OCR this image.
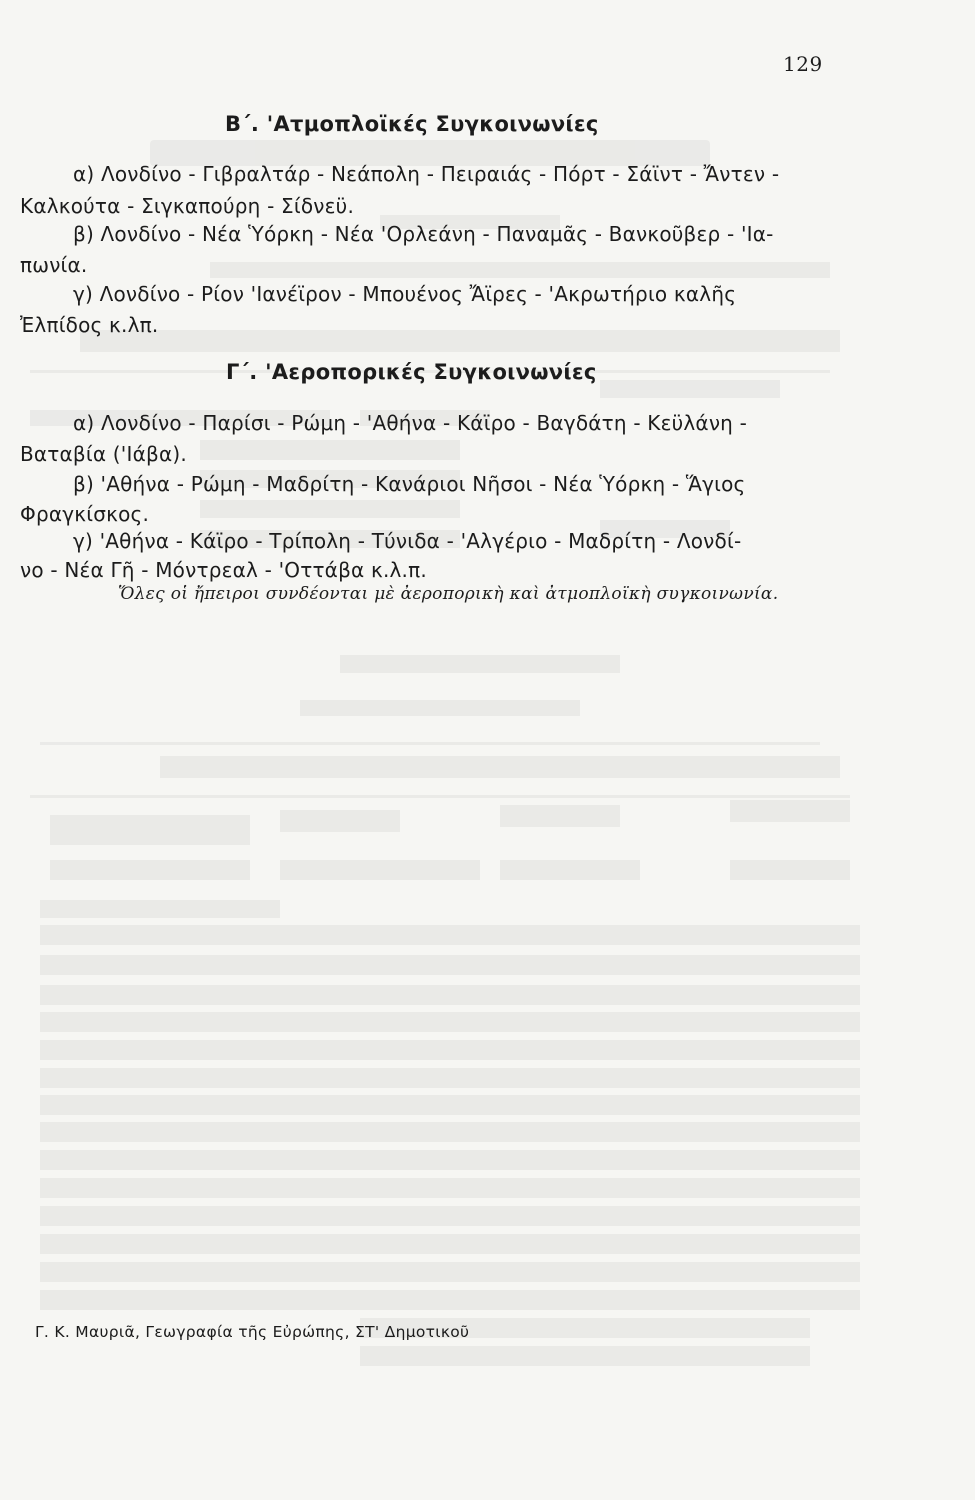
129
Β΄. 'Ατμοπλοϊκές Συγκοινωνίες
α) Λονδίνο - Γιβραλτάρ - Νεάπολη - Πειραιάς - Πόρτ - Σάϊντ - Ἄντεν -
Καλκούτα - Σιγκαπούρη - Σίδνεϋ.
β) Λονδίνο - Νέα Ὑόρκη - Νέα 'Ορλεάνη - Παναμᾶς - Βανκοῦβερ - 'Ια-
πωνία.
γ) Λονδίνο - Ρίον 'Ιανέϊρον - Μπουένος Ἄϊρες - 'Ακρωτήριο καλῆς
Ἐλπίδος κ.λπ.
Γ΄. 'Αεροπορικές Συγκοινωνίες
α) Λονδίνο - Παρίσι - Ρώμη - 'Αθήνα - Κάϊρο - Βαγδάτη - Κεϋλάνη -
Βαταβία ('Ιάβα).
β) 'Αθήνα - Ρώμη - Μαδρίτη - Κανάριοι Νῆσοι - Νέα Ὑόρκη - Ἅγιος
Φραγκίσκος.
γ) 'Αθήνα - Κάϊρο - Τρίπολη - Τύνιδα - 'Αλγέριο - Μαδρίτη - Λονδί-
νο - Νέα Γῆ - Μόντρεαλ - 'Οττάβα κ.λ.π.
Ὅλες οἱ ἤπειροι συνδέονται μὲ ἀεροπορικὴ καὶ ἀτμοπλοϊκὴ συγκοινωνία.
Γ. Κ. Μαυριᾶ, Γεωγραφία τῆς Εὐρώπης, ΣΤ' Δημοτικοῦ
